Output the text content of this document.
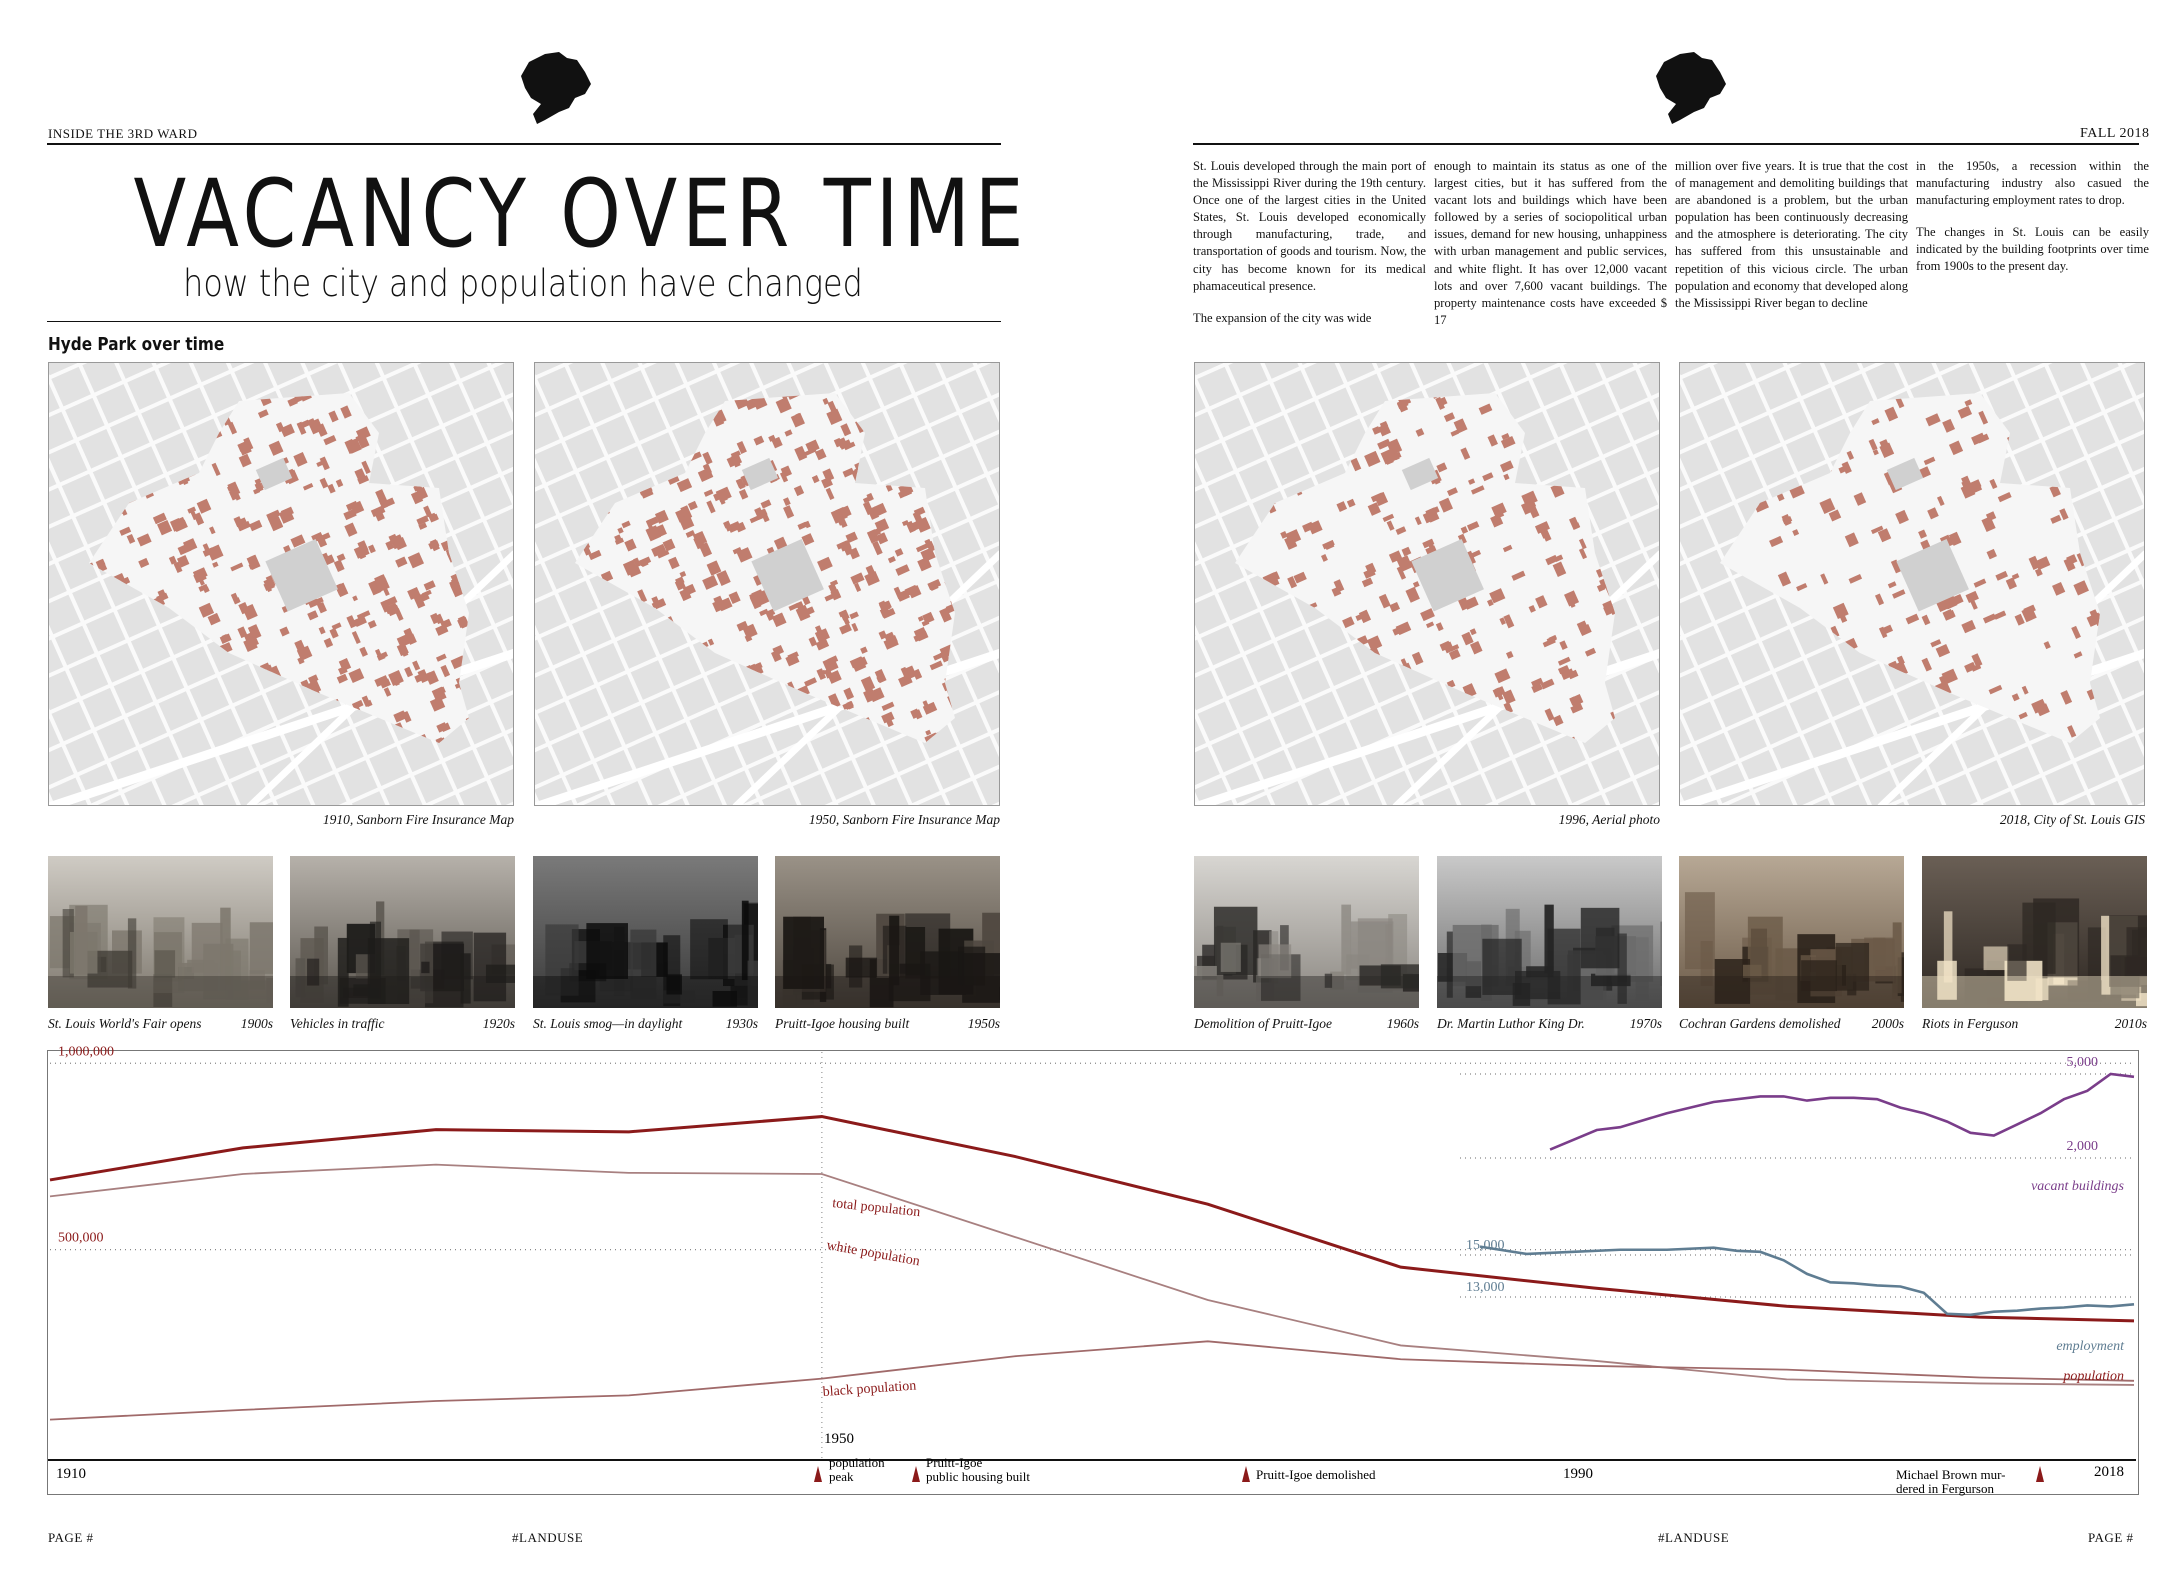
INSIDE THE 3RD WARD	FALL 2018
VACANCY OVER TIME
how the city and population have changed
Hyde Park over time

St. Louis developed through the main port of the Mississippi River during the 19th century. Once one of the largest cities in the United States, St. Louis developed economically through manufacturing, trade, and transportation of goods and tourism. Now, the city has become known for its medical phamaceutical presence.

The expansion of the city was wide

enough to maintain its status as one of the largest cities, but it has suffered from the vacant lots and buildings which have been followed by a series of sociopolitical urban issues, demand for new housing, unhappiness with urban management and public services, and white flight. It has over 12,000 vacant lots and over 7,600 vacant buildings. The property maintenance costs have exceeded $ 17

million over five years. It is true that the cost of management and demoliting buildings that are abandoned is a problem, but the urban population has been continuously decreasing and the atmosphere is deteriorating. The city has suffered from this unsustainable and repetition of this vicious circle. The urban population and economy that developed along the Mississippi River began to decline

in the 1950s, a recession within the manufacturing industry also casued the manufacturing employment rates to drop.

The changes in St. Louis can be easily indicated by the building footprints over time from 1900s to the present day.

1910, Sanborn Fire Insurance Map	1950, Sanborn Fire Insurance Map	1996, Aerial photo	2018, City of St. Louis GIS
St. Louis World's Fair opens	1900s Vehicles in traffic	1920s St. Louis smog—in daylight	1930s Pruitt-Igoe housing built	1950s	Demolition of Pruitt-Igoe	1960s Dr. Martin Luthor King Dr.	1970s Cochran Gardens demolished 2000s Riots in Ferguson	2010s
1,000,000
500,000	15,000
13,000
5,000
2,000
total population
white population
black population
population
employment
vacant buildings
1910
1950
1990	2018
population
peak
Pruitt-Igoe
public housing built	Pruitt-Igoe demolished	Michael Brown mur-
dered in Fergurson
PAGE #	#LANDUSE	#LANDUSE	PAGE #
